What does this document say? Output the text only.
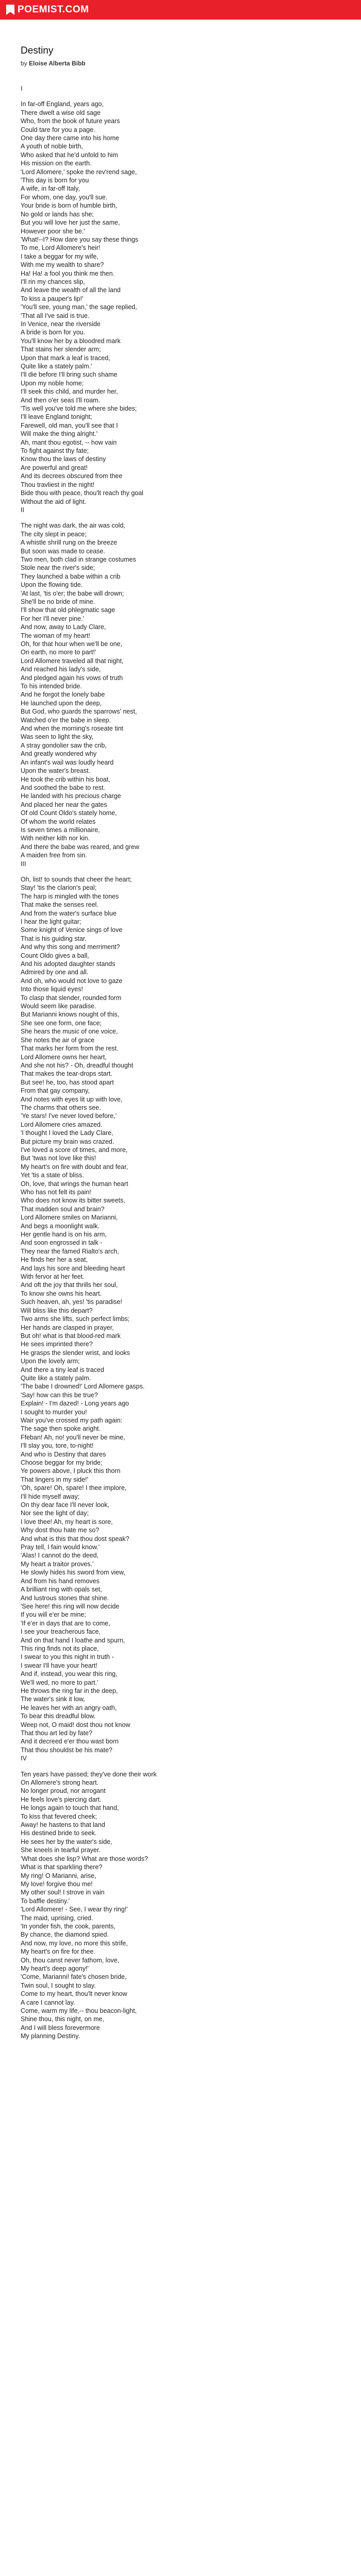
POEMIST.COM
Destiny

by Eloise Alberta Bibb

I

In far-off England, years ago,

There dwelt a wise old sage

Who, from the book of future years

Could tare for you a page.

One day there came into his home

A youth of noble birth,

Who asked that he'd unfold to him

His mission on the earth.

'Lord Allomere,' spoke the rev'rend sage,

'This day is born for you

A wife, in far-off Italy,

For whom, one day, you'll sue.

Your bride is born of humble birth,

No gold or lands has she;

But you will love her just the same,

However poor she be.'

'What!--I? How dare you say these things

To me, Lord Allomere's heir!

I take a beggar for my wife,

With me my wealth to share?

Ha! Ha! a fool you think me then.

I'll rin my chances slip,

And leave the wealth of all the land

To kiss a pauper's lip!'

'You'll see, young man,' the sage replied,

'That all I've said is true.

In Venice, near the riverside

A bride is born for you.

You'll know her by a bloodred mark

That stains her slender arm;

Upon that mark a leaf is traced,

Quite like a stately palm.'

I'll die before I'll bring such shame

Upon my noble home;

I'll seek this child, and murder her,

And then o'er seas I'll roam.

'Tis well you've told me where she bides;

I'll leave England tonight;

Farewell, old man, you'll see that I

Will make the thing alright.'

Ah, mant thou egotist, -- how vain

To fight against thy fate;

Know thou the laws of destiny

Are powerful and great!

And its decrees obscured from thee

Thou travliest in the night!

Bide thou with peace, thou'lt reach thy goal

Without the aid of light.

II

The night was dark, the air was cold,

The city slept in peace;

A whistle shrill rung on the breeze

But soon was made to cease.

Two men, both clad in strange costumes

Stole near the river's side;

They launched a babe within a crib

Upon the flowing tide.

'At last, 'tis o'er; the babe will drown;

She'll be no bride of mine.

I'll show that old phlegmatic sage

For her I'll never pine.'

And now, away to Lady Clare,

The woman of my heart!

Oh, for that hour when we'll be one,

On earth, no more to part!'

Lord Allomere traveled all that night,

And reached his lady's side,

And pledged again his vows of truth

To his intended bride.

And he forgot the lonely babe

He launched upon the deep,

But God, who guards the sparrows' nest,

Watched o'er the babe in sleep.

And when the morning's roseate tint

Was seen to light the sky,

A stray gondolier saw the crib,

And greatly wondered why

An infant's wail was loudly heard

Upon the water's breast.

He took the crib within his boat,

And soothed the babe to rest.

He landed with his precious charge

And placed her near the gates

Of old Count Oldo's stately home,

Of whom the world relates

Is seven times a millionaire,

With neither kith nor kin.

And there the babe was reared, and grew

A maiden free from sin.

III

Oh, list! to sounds that cheer the heart;

Stay! 'tis the clarion's peal;

The harp is mingled with the tones

That make the senses reel.

And from the water's surface blue

I hear the light guitar;

Some knight of Venice sings of love

That is his guiding star.

And why this song and merriment?

Count Oldo gives a ball,

And his adopted daughter stands

Admired by one and all.

And oh, who would not love to gaze

Into those liquid eyes!

To clasp that slender, rounded form

Would seem like paradise.

But Marianni knows nought of this,

She see one form, one face;

She hears the music of one voice,

She notes the air of grace

That marks her form from the rest.

Lord Allomere owns her heart,

And she not his? - Oh, dreadful thought

That makes the tear-drops start.

But see! he, too, has stood apart

From that gay company,

And notes with eyes lit up with love,

The charms that others see.

'Ye stars! I've never loved before,'

Lord Allomere cries amazed.

'I thought I loved the Lady Clare,

But picture my brain was crazed.

I've loved a score of times, and more,

But 'twas not love like this!

My heart's on fire with doubt and fear,

Yet 'tis a state of bliss.

Oh, love, that wrings the human heart

Who has not felt its pain!

Who does not know its bitter sweets,

That madden soul and brain?

Lord Allomere smiles on Marianni,

And begs a moonlight walk.

Her gentle hand is on his arm,

And soon engrossed in talk -

They near the famed Rialto's arch,

He finds her her a seat,

And lays his sore and bleeding heart

With fervor at her feet.

And oft the joy that thrills her soul,

To know she owns his heart.

Such heaven, ah, yes! 'tis paradise!

Will bliss like this depart?

Two arms she lifts, such perfect limbs;

Her hands are clasped in prayer,

But oh! what is that blood-red mark

He sees imprinted there?

He grasps the slender wrist, and looks

Upon the lovely arm;

And there a tiny leaf is traced

Quite like a stately palm.

'The babe I drowned!' Lord Allomere gasps.

'Say! how can this be true?

Explain! - I'm dazed! - Long years ago

I sought to murder you!

Wair you've crossed my path again:

The sage then spoke aright.

Ffeban! Ah, no! you'll never be mine,

I'll slay you, tore, to-night!

And who is Destiny that dares

Choose beggar for my bride;

Ye powers above, I pluck this thorn

That lingers in my side!'

'Oh, spare! Oh, spare! I thee implore,

I'll hide myself away;

On thy dear face I'll never look,

Nor see the light of day;

I love thee! Ah, my heart is sore,

Why dost thou hate me so?

And what is this that thou dost speak?

Pray tell, I fain would know.'

'Alas! I cannot do the deed,

My heart a traitor proves.'

He slowly hides his sword from view,

And from his hand removes

A brilliant ring with opals set,

And lustrous stones that shine.

'See here! this ring will now decide

If you will e'er be mine;

'If e'er in days that are to come,

I see your treacherous face,

And on that hand I loathe and spurn,

This ring finds not its place,

I swear to you this night in truth -

I swear I'll have your heart!

And if, instead, you wear this ring,

We'll wed, no more to part.'

He throws the ring far in the deep,

The water's sink it low,

He leaves her with an angry oath,

To bear this dreadful blow.

Weep not, O maid! dost thou not know

That thou art led by fate?

And it decreed e'er thou wast born

That thou shouldst be his mate?

IV

Ten years have passed; they've done their work

On Allomere's strong heart.

No longer proud, nor arrogant

He feels love's piercing dart.

He longs again to touch that hand,

To kiss that fevered cheek;

Away! he hastens to that land

His destined bride to seek.

He sees her by the water's side,

She kneels in tearful prayer.

'What does she lisp? What are those words?

What is that sparkling there?

My ring! O Marianni, arise,

My love! forgive thou me!

My other soul! I strove in vain

To baffle destiny.'

'Lord Allomere! - See, I wear thy ring!'

The maid, uprising, cried.

'In yonder fish, the cook, parents,

By chance, the diamond spied.

And now, my love, no more this strife,

My heart's on fire for thee.

Oh, thou canst never fathom, love,

My heart's deep agony!'

'Come, Marianni! fate's chosen bride,

Twin soul, I sought to slay.

Come to my heart, thou'lt never know

A care I cannot lay.

Come, warm my life,-- thou beacon-light,

Shine thou, this night, on me,

And I will bless forevermore

My planning Destiny.
